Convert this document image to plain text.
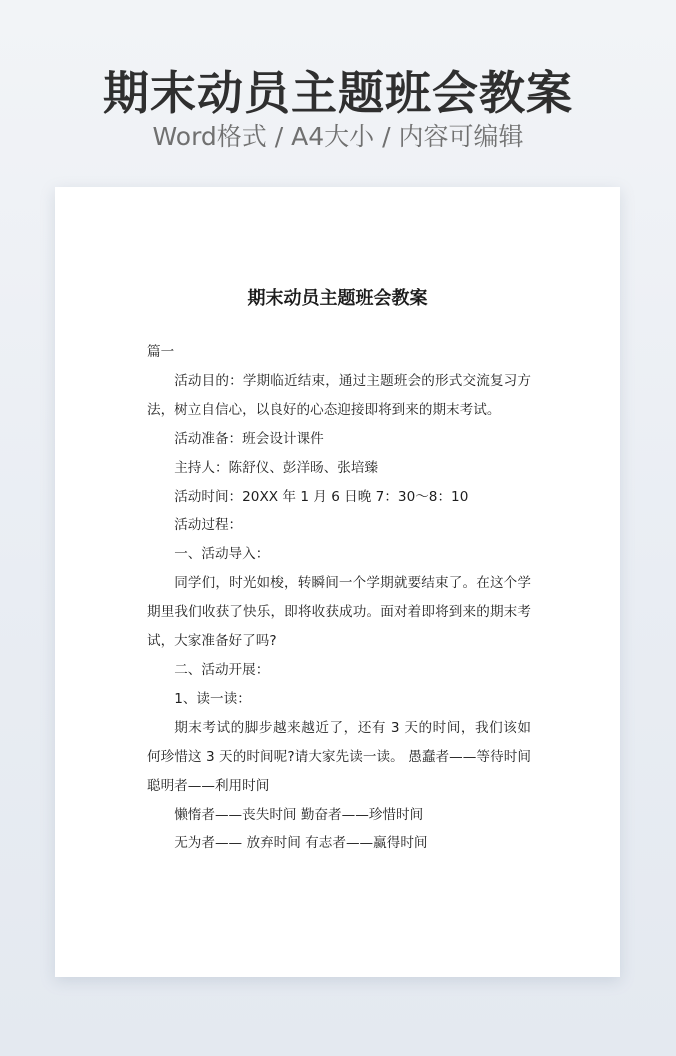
期末动员主题班会教案
Word格式 / A4大小 / 内容可编辑
期末动员主题班会教案

篇一

活动目的：学期临近结束，通过主题班会的形式交流复习方法，树立自信心，以良好的心态迎接即将到来的期末考试。

活动准备：班会设计课件

主持人：陈舒仪、彭洋旸、张培臻

活动时间：20XX 年 1 月 6 日晚 7：30～8：10

活动过程：

一、活动导入：

同学们，时光如梭，转瞬间一个学期就要结束了。在这个学期里我们收获了快乐，即将收获成功。面对着即将到来的期末考试，大家准备好了吗?

二、活动开展：

1、读一读：

期末考试的脚步越来越近了，还有 3 天的时间，我们该如何珍惜这 3 天的时间呢?请大家先读一读。 愚蠢者——等待时间 聪明者——利用时间

懒惰者——丧失时间 勤奋者——珍惜时间

无为者—— 放弃时间 有志者——赢得时间
